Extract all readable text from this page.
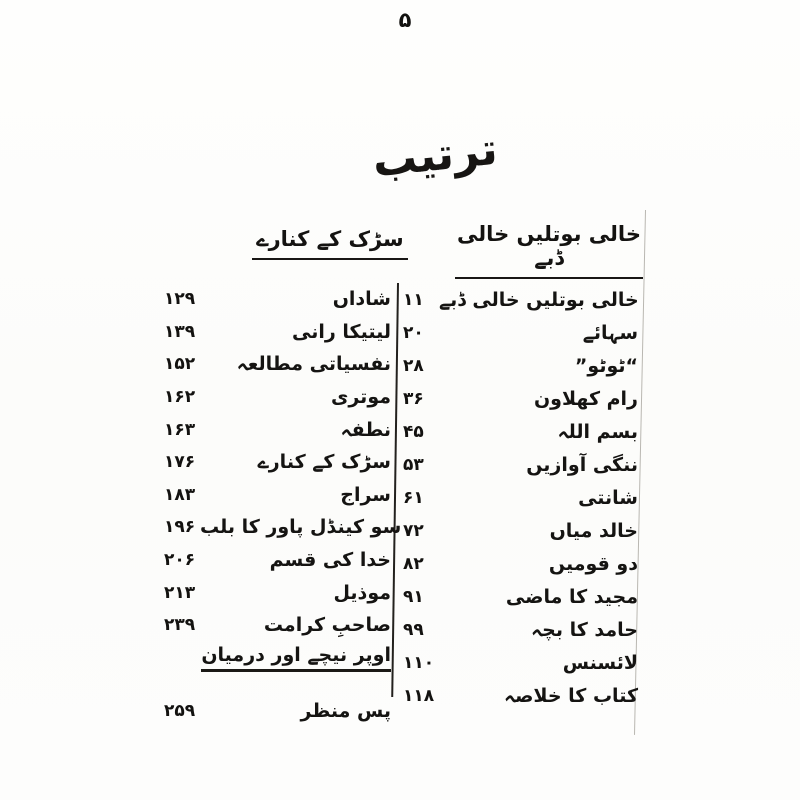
۵
ترتیب
خالی بوتلیں خالی ڈبے
سڑک کے کنارے
۱۱ خالی بوتلیں خالی ڈبے
۲۰	سہائے
۲۸	“ٹوٹو”
۳۶	رام کھلاون
۴۵	بسم اللہ
۵۳	ننگی آوازیں
۶۱	شانتی
۷۲	خالد میاں
۸۲	دو قومیں
۹۱	مجید کا ماضی
۹۹	حامد کا بچہ
۱۱۰	لائسنس
۱۱۸	کتاب کا خلاصہ
۱۲۹	شاداں
۱۳۹	لیتیکا رانی
۱۵۲ نفسیاتی مطالعہ
۱۶۲	موتری
۱۶۳	نطفہ
۱۷۶	سڑک کے کنارے
۱۸۳	سراج
۱۹۶ سو کینڈل پاور کا بلب
۲۰۶	خدا کی قسم
۲۱۳	موذیل
۲۳۹	صاحبِ کرامت
اوپر نیچے اور درمیان
۲۵۹	پس منظر
